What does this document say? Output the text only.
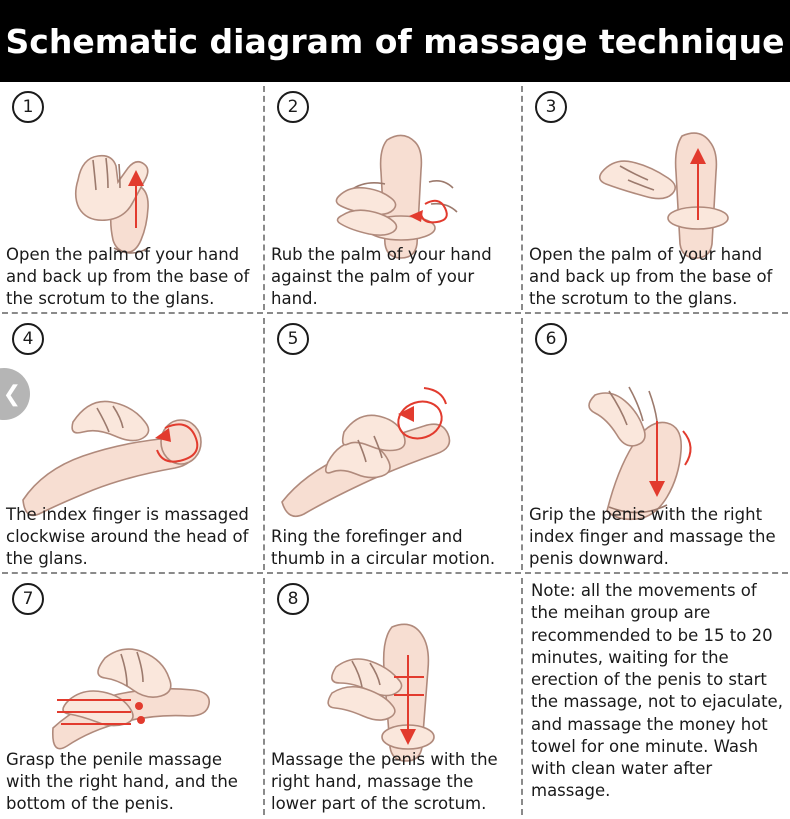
Schematic diagram of massage technique
1
Open the palm of your hand and back up from the base of the scrotum to the glans.
2
Rub the palm of your hand against the palm of your hand.
3
Open the palm of your hand and back up from the base of the scrotum to the glans.
4
The index finger is massaged clockwise around the head of the glans.
5
Ring the forefinger and thumb in a circular motion.
6
Grip the penis with the right index finger and massage the penis downward.
7
Grasp the penile massage with the right hand, and the bottom of the penis.
8
Massage the penis with the right hand, massage the lower part of the scrotum.
Note: all the movements of the meihan group are recommended to be 15 to 20 minutes, waiting for the erection of the penis to start the massage, not to ejaculate, and massage the money hot towel for one minute. Wash with clean water after massage.
❮
